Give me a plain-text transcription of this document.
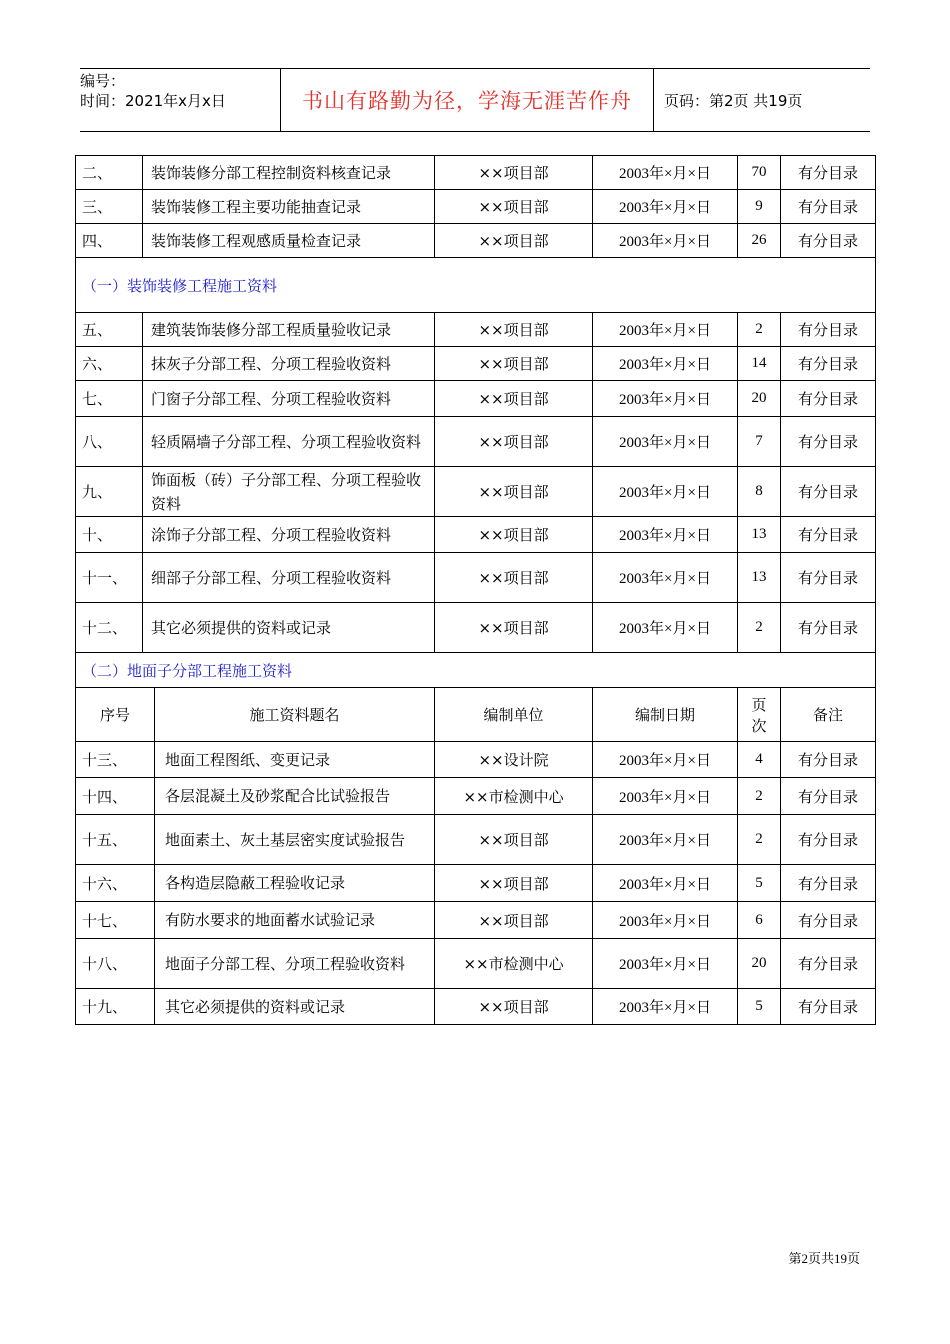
编号：
时间：2021年x月x日	书山有路勤为径，学海无涯苦作舟	页码：第2页 共19页
二、	装饰装修分部工程控制资料核查记录		××项目部	2003年×月×日	70	有分目录
三、	装饰装修工程主要功能抽查记录		××项目部	2003年×月×日	9	有分目录
四、	装饰装修工程观感质量检查记录		××项目部	2003年×月×日	26	有分目录
（一）装饰装修工程施工资料						
五、	建筑装饰装修分部工程质量验收记录		××项目部	2003年×月×日	2	有分目录
六、	抹灰子分部工程、分项工程验收资料		××项目部	2003年×月×日	14	有分目录
七、	门窗子分部工程、分项工程验收资料		××项目部	2003年×月×日	20	有分目录
八、	轻质隔墙子分部工程、分项工程验收资料		××项目部	2003年×月×日	7	有分目录
九、	饰面板（砖）子分部工程、分项工程验收资料		××项目部	2003年×月×日	8	有分目录
十、	涂饰子分部工程、分项工程验收资料		××项目部	2003年×月×日	13	有分目录
十一、	细部子分部工程、分项工程验收资料		××项目部	2003年×月×日	13	有分目录
十二、	其它必须提供的资料或记录		××项目部	2003年×月×日	2	有分目录
（二）地面子分部工程施工资料						
序号		施工资料题名	编制单位	编制日期	页次	备注
十三、		地面工程图纸、变更记录	××设计院	2003年×月×日	4	有分目录
十四、		各层混凝土及砂浆配合比试验报告	××市检测中心	2003年×月×日	2	有分目录
十五、		地面素土、灰土基层密实度试验报告	××项目部	2003年×月×日	2	有分目录
十六、		各构造层隐蔽工程验收记录	××项目部	2003年×月×日	5	有分目录
十七、		有防水要求的地面蓄水试验记录	××项目部	2003年×月×日	6	有分目录
十八、		地面子分部工程、分项工程验收资料	××市检测中心	2003年×月×日	20	有分目录
十九、		其它必须提供的资料或记录	××项目部	2003年×月×日	5	有分目录
第2页共19页
